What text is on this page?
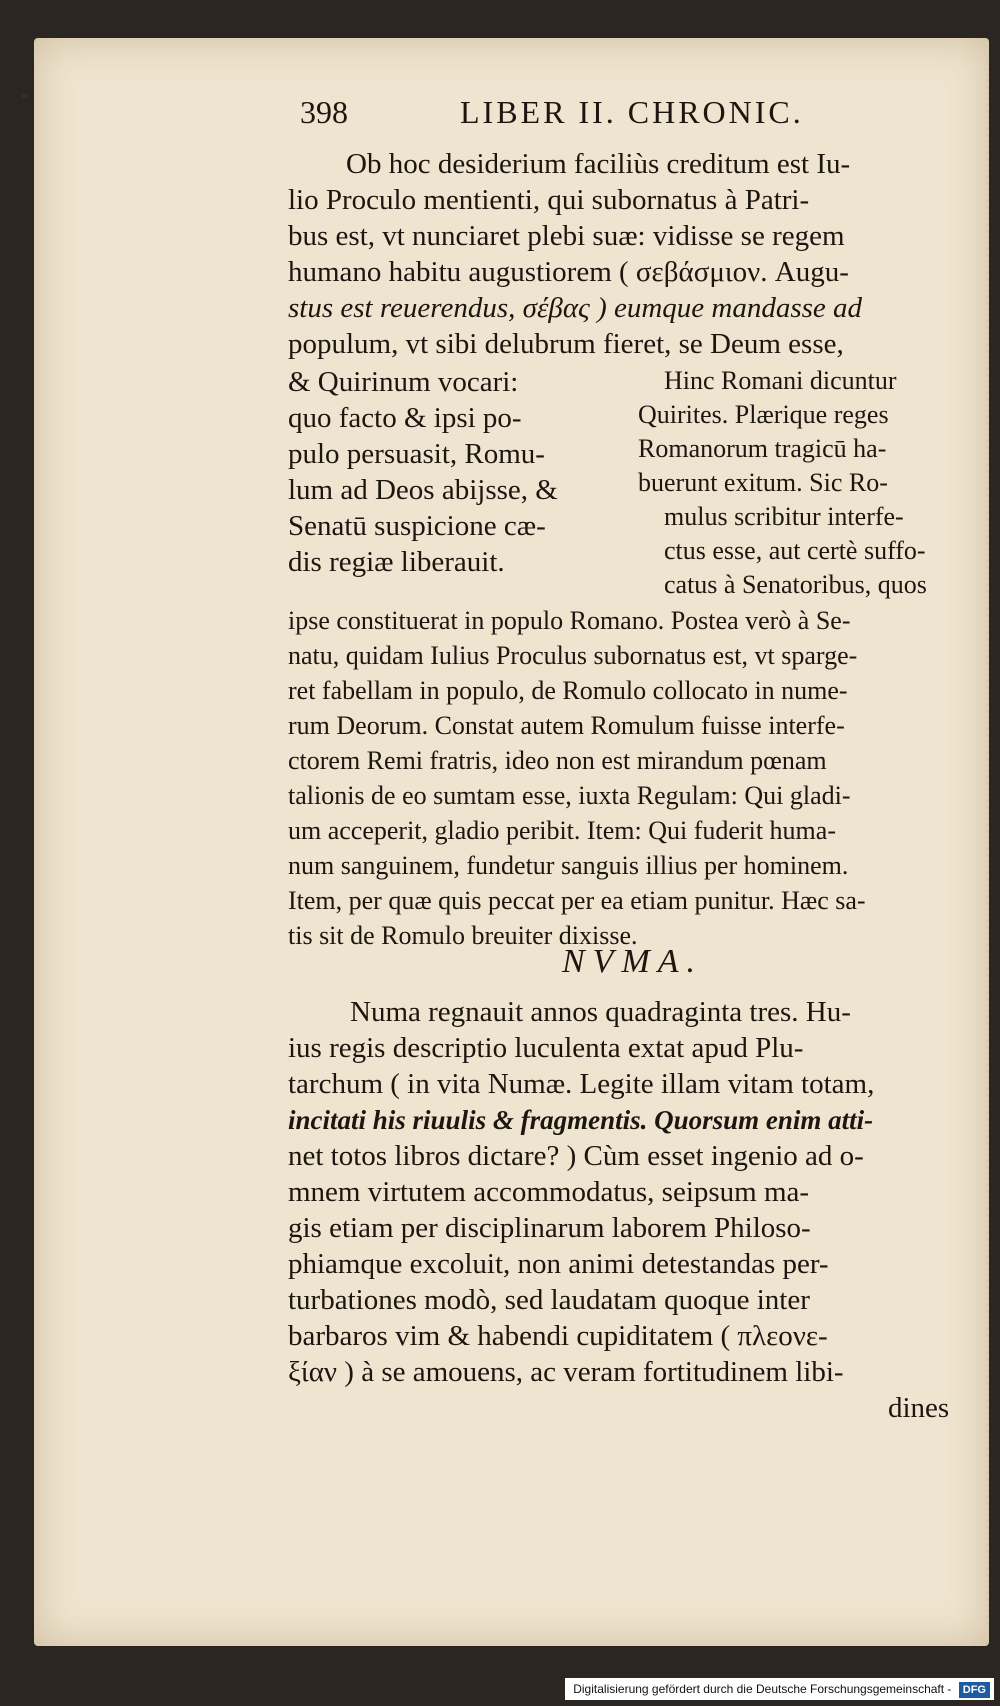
398	LIBER II. CHRONIC.
Ob hoc desiderium faciliùs creditum est Iu-
lio Proculo mentienti, qui subornatus à Patri-
bus est, vt nunciaret plebi suæ: vidisse se regem
humano habitu augustiorem ( σεβάσμιον. Augu-
stus est reuerendus, σέβας ) eumque mandasse ad
populum, vt sibi delubrum fieret, se Deum esse,
& Quirinum vocari:
quo facto & ipsi po-
pulo persuasit, Romu-
lum ad Deos abijsse, &
Senatū suspicione cæ-
dis regiæ liberauit.
Hinc Romani dicuntur
Quirites. Plærique reges
Romanorum tragicū ha-
buerunt exitum. Sic Ro-
mulus scribitur interfe-
ctus esse, aut certè suffo-
catus à Senatoribus, quos
ipse constituerat in populo Romano. Postea verò à Se-
natu, quidam Iulius Proculus subornatus est, vt sparge-
ret fabellam in populo, de Romulo collocato in nume-
rum Deorum. Constat autem Romulum fuisse interfe-
ctorem Remi fratris, ideo non est mirandum pœnam
talionis de eo sumtam esse, iuxta Regulam: Qui gladi-
um acceperit, gladio peribit. Item: Qui fuderit huma-
num sanguinem, fundetur sanguis illius per hominem.
Item, per quæ quis peccat per ea etiam punitur. Hæc sa-
tis sit de Romulo breuiter dixisse.
Numa regnauit annos quadraginta tres. Hu-
ius regis descriptio luculenta extat apud Plu-
tarchum ( in vita Numæ. Legite illam vitam totam,
incitati his riuulis & fragmentis. Quorsum enim atti-
net totos libros dictare? ) Cùm esset ingenio ad o-
mnem virtutem accommodatus, seipsum ma-
gis etiam per disciplinarum laborem Philoso-
phiamque excoluit, non animi detestandas per-
turbationes modò, sed laudatam quoque inter
barbaros vim & habendi cupiditatem ( πλεονε-
ξίαν ) à se amouens, ac veram fortitudinem libi-
dines
NVMA.
Digitalisierung gefördert durch die Deutsche Forschungsgemeinschaft - DFG
